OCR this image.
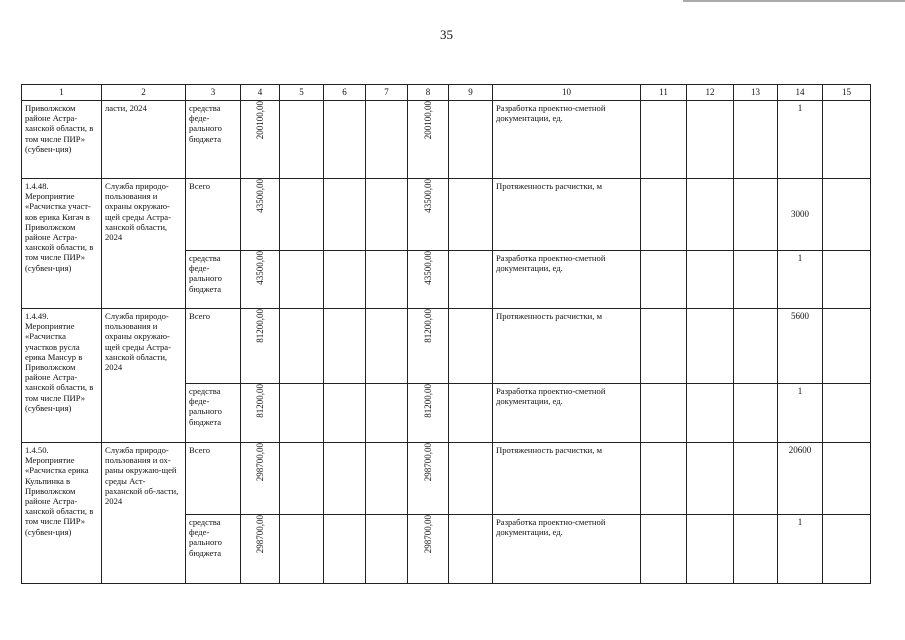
35
1	2	3	4	5	6	7	8	9	10	11	12	13	14	15
Приволжском районе Астра-ханской области, в том числе ПИР» (субвен-ция)	ласти, 2024	средства феде-рального бюджета	200100,00				200100,00		Разработка проектно-сметной документации, ед.				1	
1.4.48. Мероприятие «Расчистка участ-ков ерика Кигач в Приволжском районе Астра-ханской области, в том числе ПИР» (субвен-ция)	Служба природо-пользования и охраны окружаю-щей среды Астра-ханской области, 2024	Всего	43500,00				43500,00		Протяженность расчистки, м				3000	
		средства феде-рального бюджета	43500,00				43500,00		Разработка проектно-сметной документации, ед.				1	
1.4.49. Мероприятие «Расчистка участков русла ерика Мансур в Приволжском районе Астра-ханской области, в том числе ПИР» (субвен-ция)	Служба природо-пользования и охраны окружаю-щей среды Астра-ханской области, 2024	Всего	81200,00				81200,00		Протяженность расчистки, м				5600	
		средства феде-рального бюджета	81200,00				81200,00		Разработка проектно-сметной документации, ед.				1	
1.4.50. Мероприятие «Расчистка ерика Кульпинка в Приволжском районе Астра-ханской области, в том числе ПИР» (субвен-ция)	Служба природо-пользования и ох-раны окружаю-щей среды Аст-раханской об-ласти, 2024	Всего	298700,00				298700,00		Протяженность расчистки, м				20600	
		средства феде-рального бюджета	298700,00				298700,00		Разработка проектно-сметной документации, ед.				1	
